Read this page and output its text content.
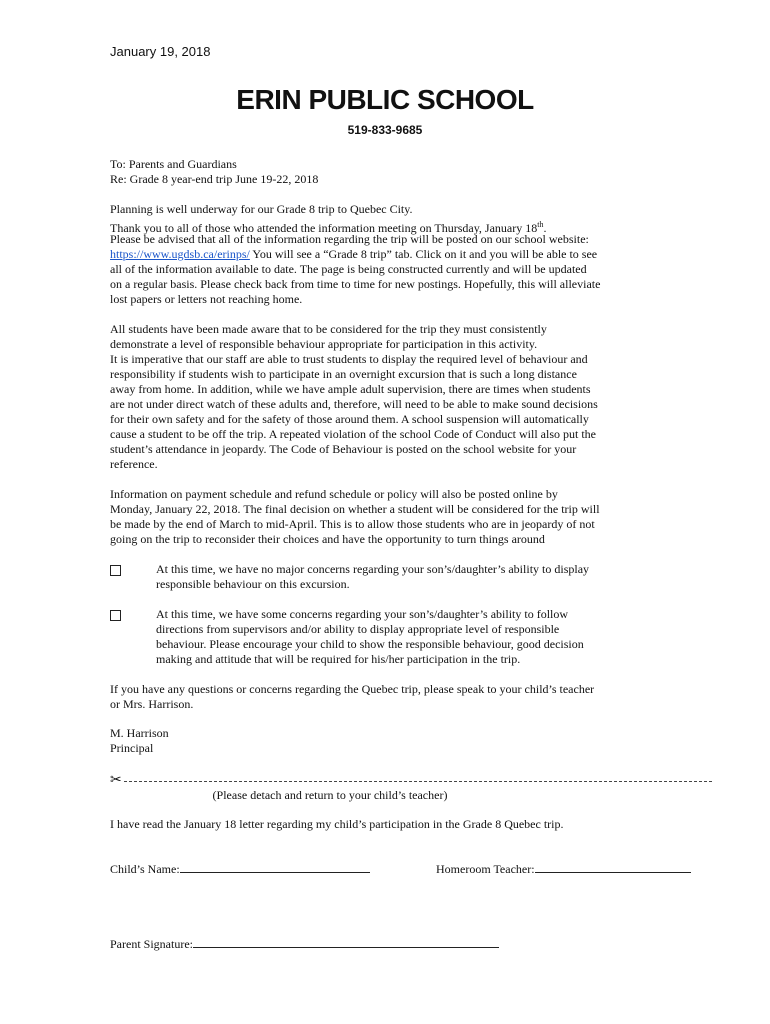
January 19, 2018
ERIN PUBLIC SCHOOL
519-833-9685
To: Parents and Guardians
Re: Grade 8 year-end trip June 19-22, 2018
Planning is well underway for our Grade 8 trip to Quebec City.
Thank you to all of those who attended the information meeting on Thursday, January 18th.
Please be advised that all of the information regarding the trip will be posted on our school website:
https://www.ugdsb.ca/erinps/ You will see a “Grade 8 trip” tab. Click on it and you will be able to see
all of the information available to date. The page is being constructed currently and will be updated
on a regular basis. Please check back from time to time for new postings. Hopefully, this will alleviate
lost papers or letters not reaching home.
All students have been made aware that to be considered for the trip they must consistently
demonstrate a level of responsible behaviour appropriate for participation in this activity.
It is imperative that our staff are able to trust students to display the required level of behaviour and
responsibility if students wish to participate in an overnight excursion that is such a long distance
away from home. In addition, while we have ample adult supervision, there are times when students
are not under direct watch of these adults and, therefore, will need to be able to make sound decisions
for their own safety and for the safety of those around them. A school suspension will automatically
cause a student to be off the trip. A repeated violation of the school Code of Conduct will also put the
student’s attendance in jeopardy. The Code of Behaviour is posted on the school website for your
reference.
Information on payment schedule and refund schedule or policy will also be posted online by
Monday, January 22, 2018. The final decision on whether a student will be considered for the trip will
be made by the end of March to mid-April. This is to allow those students who are in jeopardy of not
going on the trip to reconsider their choices and have the opportunity to turn things around
At this time, we have no major concerns regarding your son’s/daughter’s ability to display
responsible behaviour on this excursion.
At this time, we have some concerns regarding your son’s/daughter’s ability to follow
directions from supervisors and/or ability to display appropriate level of responsible
behaviour. Please encourage your child to show the responsible behaviour, good decision
making and attitude that will be required for his/her participation in the trip.
If you have any questions or concerns regarding the Quebec trip, please speak to your child’s teacher
or Mrs. Harrison.
M. Harrison
Principal
✂
(Please detach and return to your child’s teacher)
I have read the January 18 letter regarding my child’s participation in the Grade 8 Quebec trip.
Child’s Name:	Homeroom Teacher:
Parent Signature:
